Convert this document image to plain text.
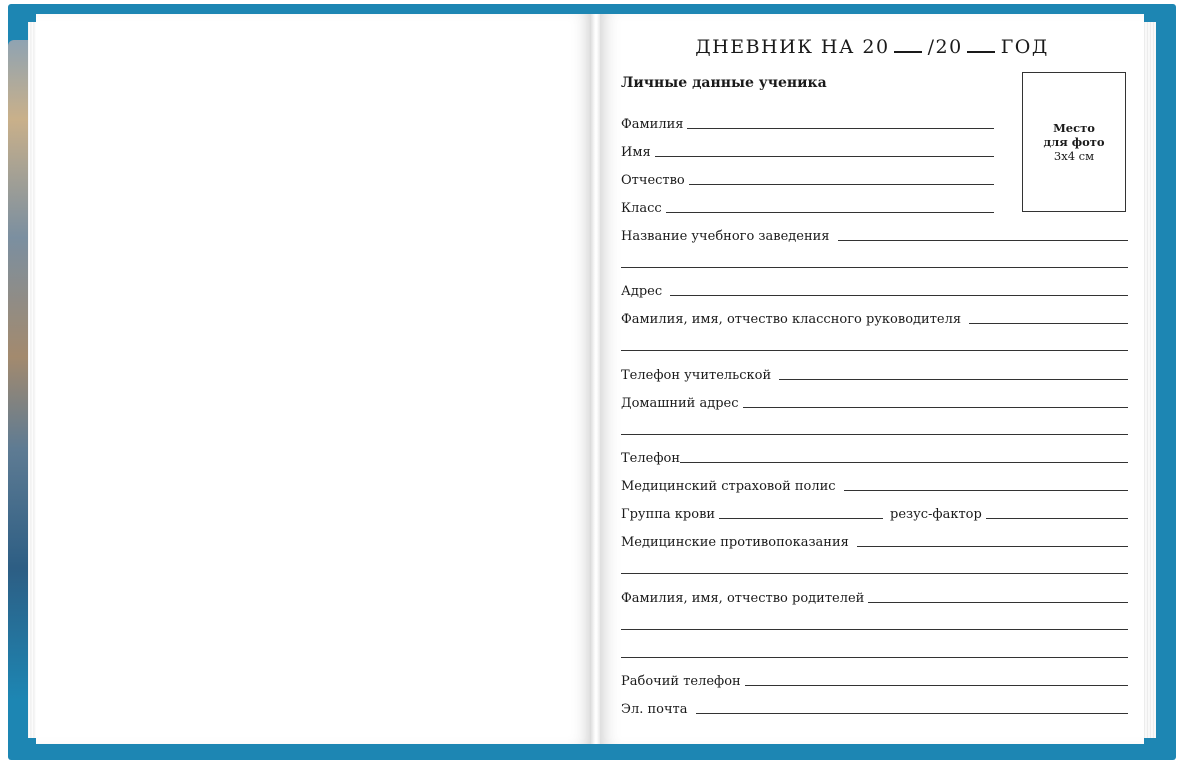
ДНЕВНИК НА 20 /20 ГОД
Личные данные ученика
Место
для фото
3x4 см
Фамилия
Имя
Отчество
Класс
Название учебного заведения
Адрес
Фамилия, имя, отчество классного руководителя
Телефон учительской
Домашний адрес
Телефон
Медицинский страховой полис
Группа крови	резус-фактор
Медицинские противопоказания
Фамилия, имя, отчество родителей
Рабочий телефон
Эл. почта
